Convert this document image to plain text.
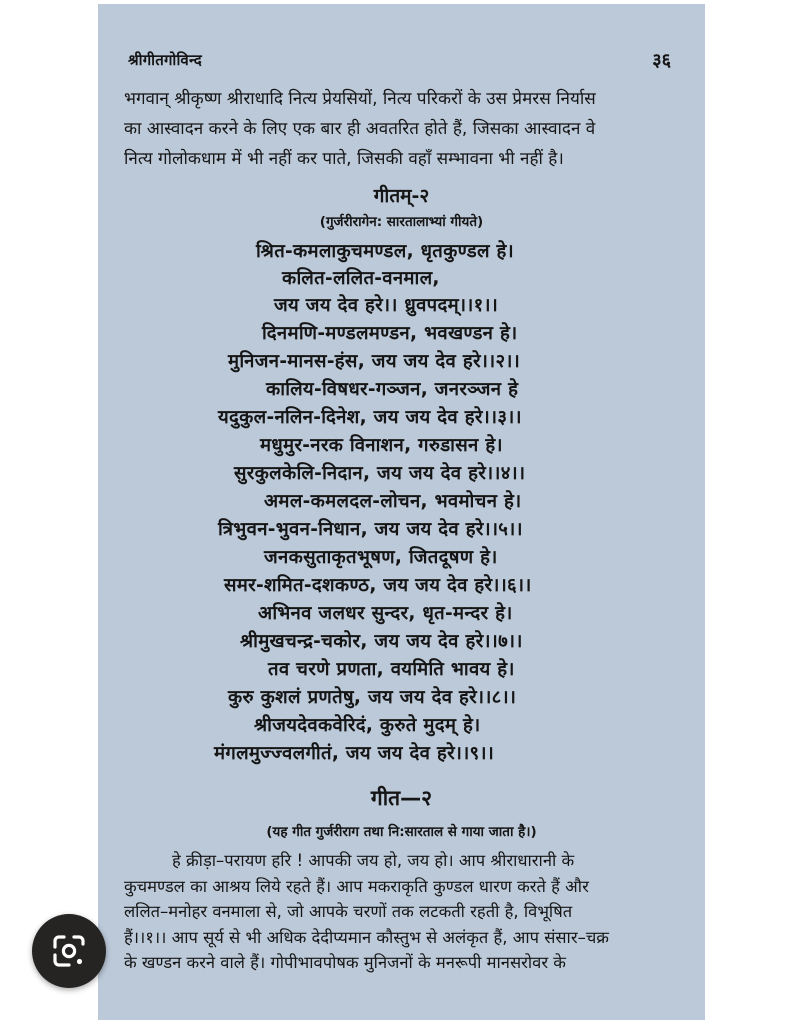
श्रीगीतगोविन्द	३६
भगवान् श्रीकृष्ण श्रीराधादि नित्य प्रेयसियों, नित्य परिकरों के उस प्रेमरस निर्यास
का आस्वादन करने के लिए एक बार ही अवतरित होते हैं, जिसका आस्वादन वे
नित्य गोलोकधाम में भी नहीं कर पाते, जिसकी वहाँ सम्भावना भी नहीं है।
गीतम्-२
(गुर्जरीरागेन: सारतालाभ्यां गीयते)
श्रित-कमलाकुचमण्डल, धृतकुण्डल हे।
कलित-ललित-वनमाल,
जय जय देव हरे।। ध्रुवपदम्।।१।।
दिनमणि-मण्डलमण्डन, भवखण्डन हे।
मुनिजन-मानस-हंस, जय जय देव हरे।।२।।
कालिय-विषधर-गञ्जन, जनरञ्जन हे
यदुकुल-नलिन-दिनेश, जय जय देव हरे।।३।।
मधुमुर-नरक विनाशन, गरुडासन हे।
सुरकुलकेलि-निदान, जय जय देव हरे।।४।।
अमल-कमलदल-लोचन, भवमोचन हे।
त्रिभुवन-भुवन-निधान, जय जय देव हरे।।५।।
जनकसुताकृतभूषण, जितदूषण हे।
समर-शमित-दशकण्ठ, जय जय देव हरे।।६।।
अभिनव जलधर सुन्दर, धृत-मन्दर हे।
श्रीमुखचन्द्र-चकोर, जय जय देव हरे।।७।।
तव चरणे प्रणता, वयमिति भावय हे।
कुरु कुशलं प्रणतेषु, जय जय देव हरे।।८।।
श्रीजयदेवकवेरिदं, कुरुते मुदम् हे।
मंगलमुज्ज्वलगीतं, जय जय देव हरे।।९।।
गीत—२
(यह गीत गुर्जरीराग तथा नि:सारताल से गाया जाता है।)
हे क्रीड़ा–परायण हरि ! आपकी जय हो, जय हो। आप श्रीराधारानी के
कुचमण्डल का आश्रय लिये रहते हैं। आप मकराकृति कुण्डल धारण करते हैं और
ललित–मनोहर वनमाला से, जो आपके चरणों तक लटकती रहती है, विभूषित
हैं।।१।। आप सूर्य से भी अधिक देदीप्यमान कौस्तुभ से अलंकृत हैं, आप संसार–चक्र
के खण्डन करने वाले हैं। गोपीभावपोषक मुनिजनों के मनरूपी मानसरोवर के
